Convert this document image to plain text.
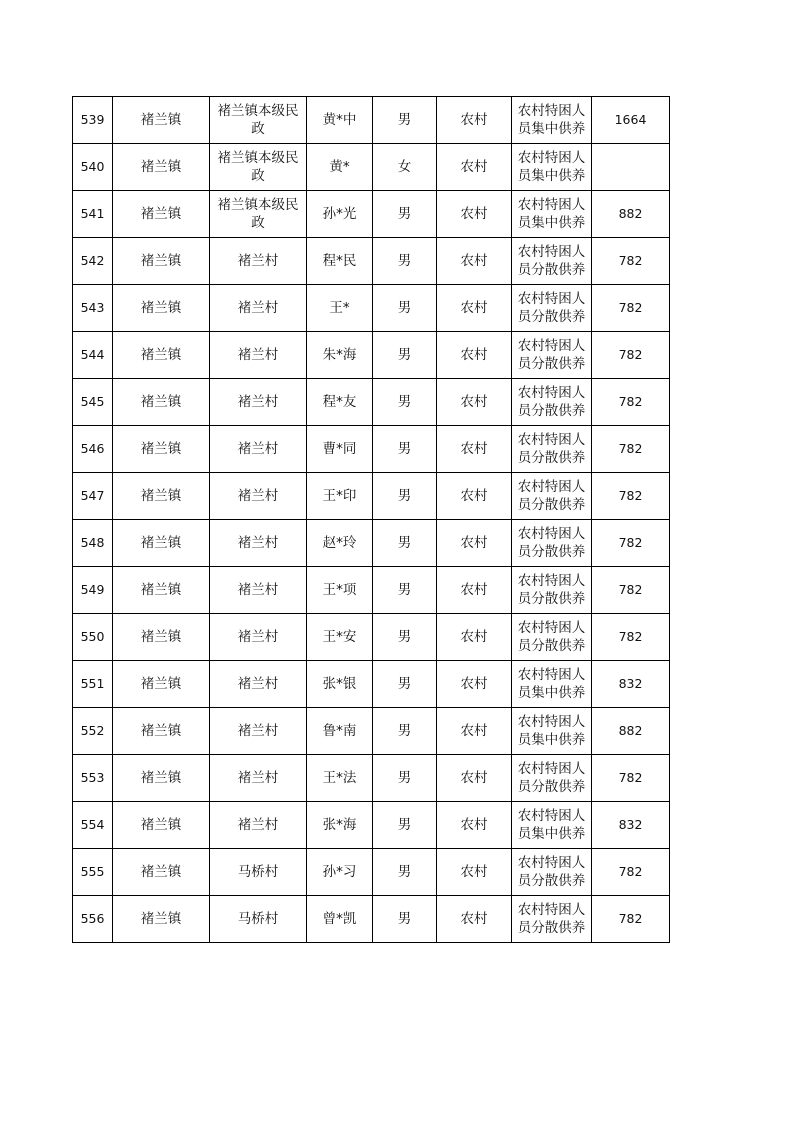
539	褚兰镇	褚兰镇本级民政	黄*中	男	农村	农村特困人员集中供养	1664
540	褚兰镇	褚兰镇本级民政	黄*	女	农村	农村特困人员集中供养	
541	褚兰镇	褚兰镇本级民政	孙*光	男	农村	农村特困人员集中供养	882
542	褚兰镇	褚兰村	程*民	男	农村	农村特困人员分散供养	782
543	褚兰镇	褚兰村	王*	男	农村	农村特困人员分散供养	782
544	褚兰镇	褚兰村	朱*海	男	农村	农村特困人员分散供养	782
545	褚兰镇	褚兰村	程*友	男	农村	农村特困人员分散供养	782
546	褚兰镇	褚兰村	曹*同	男	农村	农村特困人员分散供养	782
547	褚兰镇	褚兰村	王*印	男	农村	农村特困人员分散供养	782
548	褚兰镇	褚兰村	赵*玲	男	农村	农村特困人员分散供养	782
549	褚兰镇	褚兰村	王*项	男	农村	农村特困人员分散供养	782
550	褚兰镇	褚兰村	王*安	男	农村	农村特困人员分散供养	782
551	褚兰镇	褚兰村	张*银	男	农村	农村特困人员集中供养	832
552	褚兰镇	褚兰村	鲁*南	男	农村	农村特困人员集中供养	882
553	褚兰镇	褚兰村	王*法	男	农村	农村特困人员分散供养	782
554	褚兰镇	褚兰村	张*海	男	农村	农村特困人员集中供养	832
555	褚兰镇	马桥村	孙*习	男	农村	农村特困人员分散供养	782
556	褚兰镇	马桥村	曾*凯	男	农村	农村特困人员分散供养	782
